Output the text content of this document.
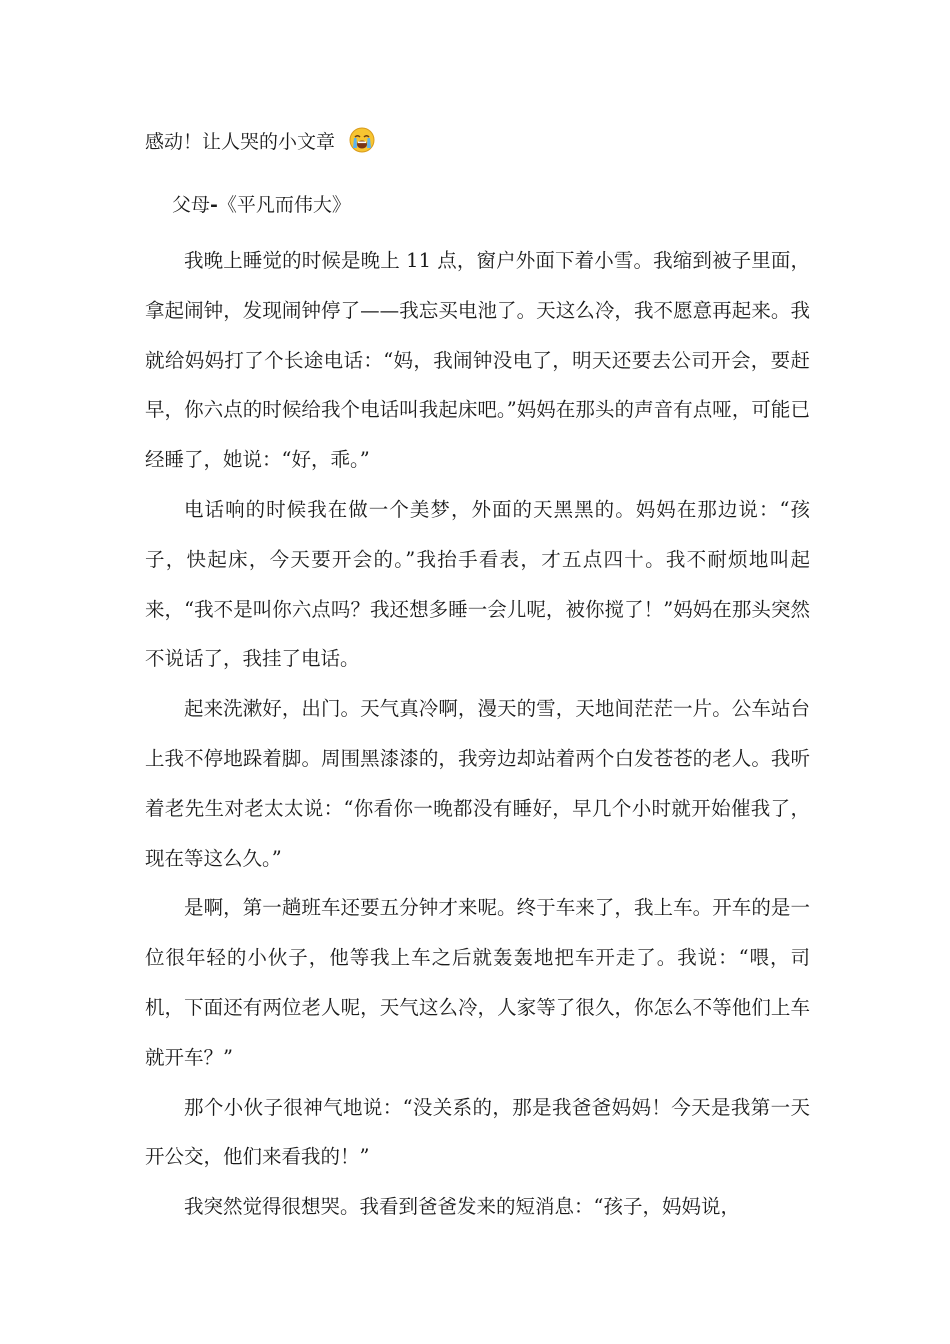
感动！让人哭的小文章
父母-《平凡而伟大》

我晚上睡觉的时候是晚上 11 点，窗户外面下着小雪。我缩到被子里面，拿起闹钟，发现闹钟停了——我忘买电池了。天这么冷，我不愿意再起来。我就给妈妈打了个长途电话：“妈，我闹钟没电了，明天还要去公司开会，要赶早，你六点的时候给我个电话叫我起床吧。”妈妈在那头的声音有点哑，可能已经睡了，她说：“好，乖。”

电话响的时候我在做一个美梦，外面的天黑黑的。妈妈在那边说：“孩子，快起床，今天要开会的。”我抬手看表，才五点四十。我不耐烦地叫起来，“我不是叫你六点吗？我还想多睡一会儿呢，被你搅了！”妈妈在那头突然不说话了，我挂了电话。

起来洗漱好，出门。天气真冷啊，漫天的雪，天地间茫茫一片。公车站台上我不停地跺着脚。周围黑漆漆的，我旁边却站着两个白发苍苍的老人。我听着老先生对老太太说：“你看你一晚都没有睡好，早几个小时就开始催我了，现在等这么久。”

是啊，第一趟班车还要五分钟才来呢。终于车来了，我上车。开车的是一位很年轻的小伙子，他等我上车之后就轰轰地把车开走了。我说：“喂，司机，下面还有两位老人呢，天气这么冷，人家等了很久，你怎么不等他们上车就开车？”

那个小伙子很神气地说：“没关系的，那是我爸爸妈妈！今天是我第一天开公交，他们来看我的！”

我突然觉得很想哭。我看到爸爸发来的短消息：“孩子，妈妈说，
